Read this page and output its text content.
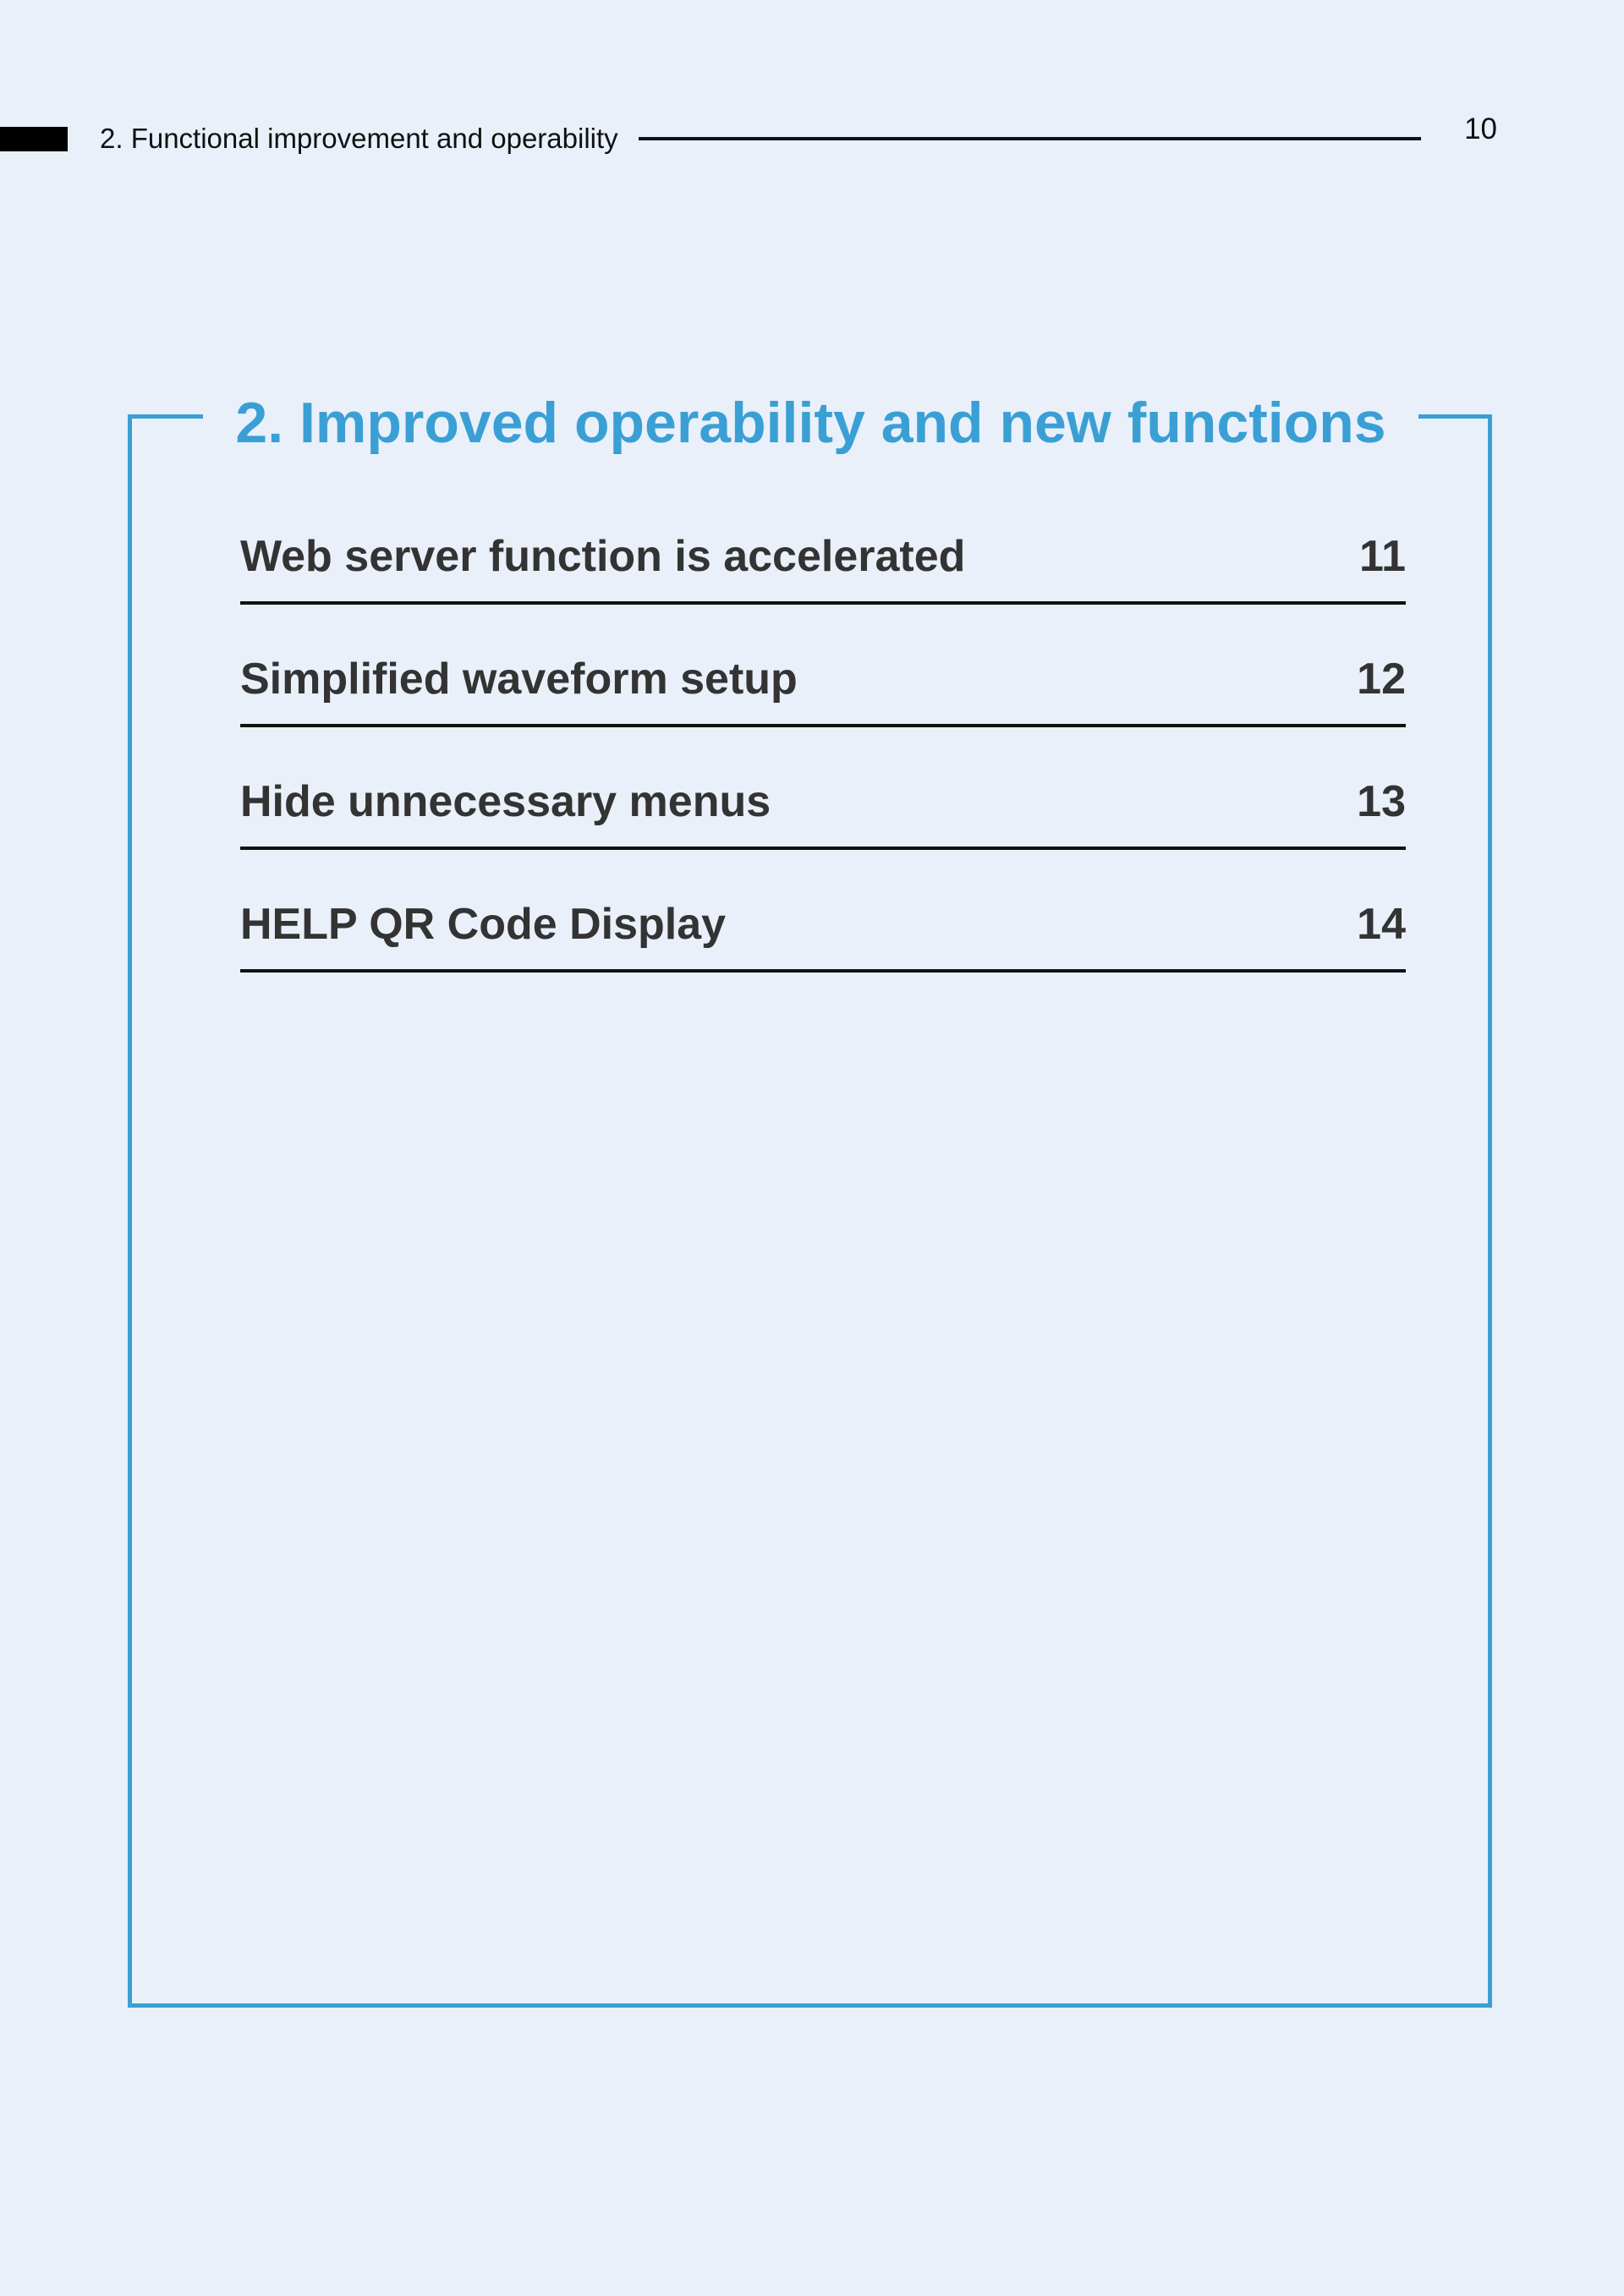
2. Functional improvement and operability	10
2. Improved operability and new functions
Web server function is accelerated	11
Simplified waveform setup	12
Hide unnecessary menus	13
HELP QR Code Display	14
